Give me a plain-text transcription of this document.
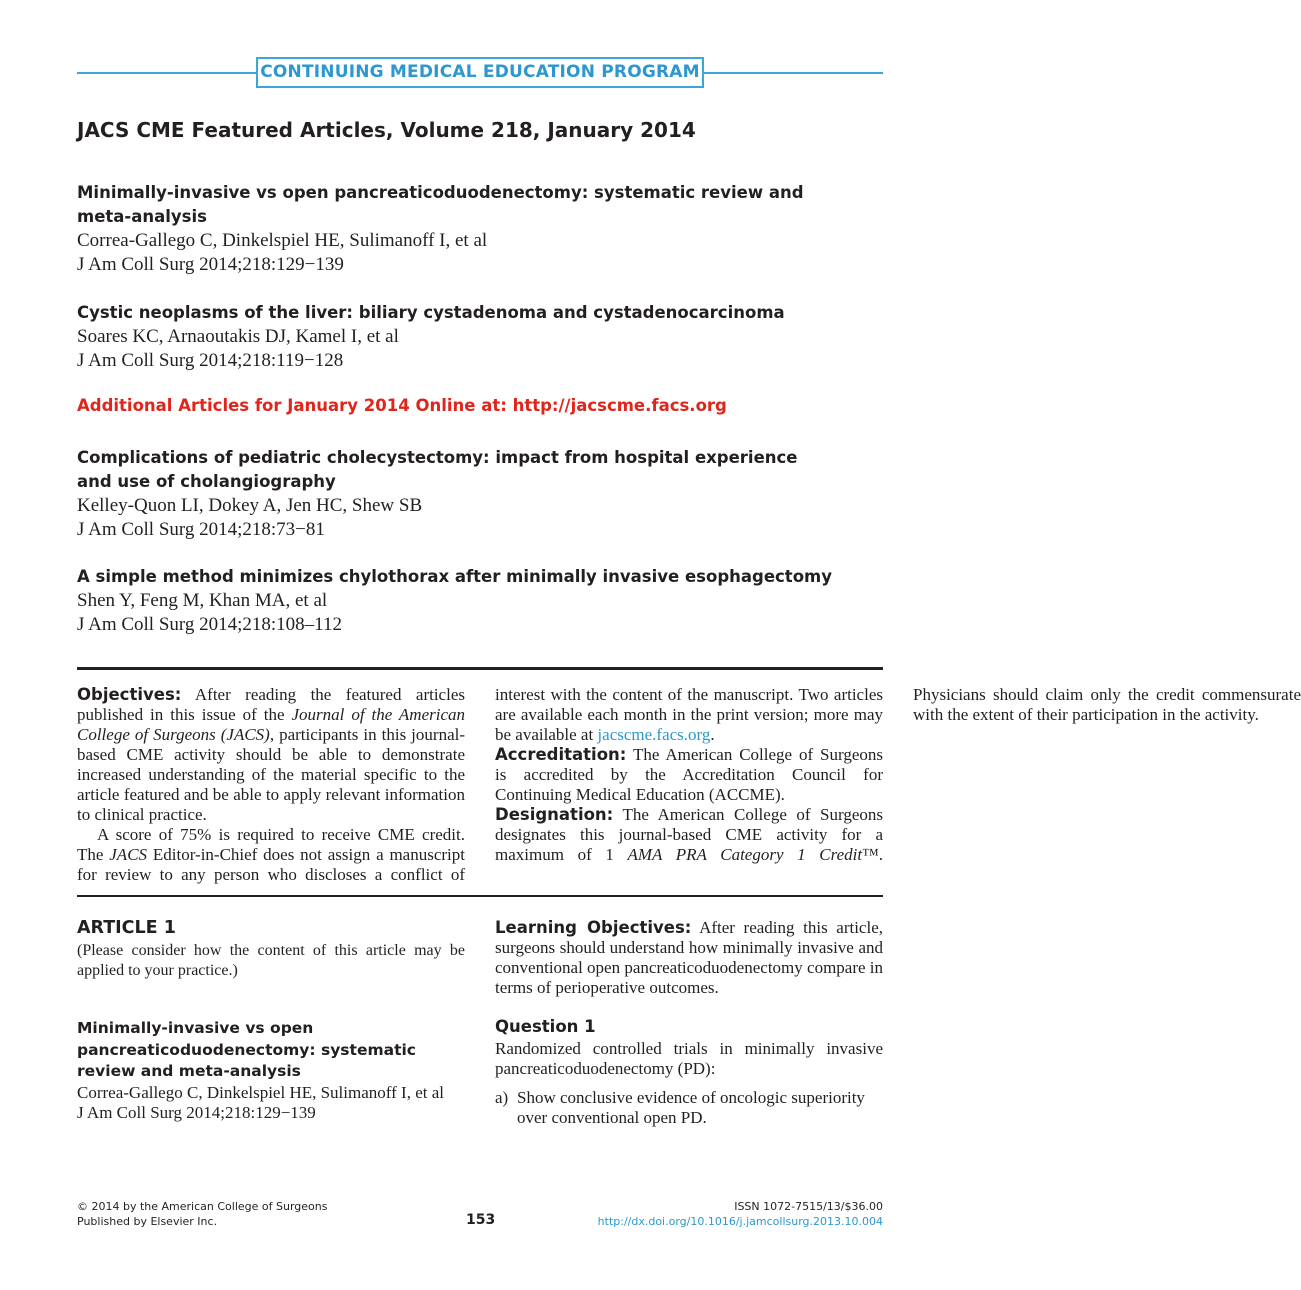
CONTINUING MEDICAL EDUCATION PROGRAM
JACS CME Featured Articles, Volume 218, January 2014
Minimally-invasive vs open pancreaticoduodenectomy: systematic review and meta-analysis
Correa-Gallego C, Dinkelspiel HE, Sulimanoff I, et al
J Am Coll Surg 2014;218:129−139
Cystic neoplasms of the liver: biliary cystadenoma and cystadenocarcinoma
Soares KC, Arnaoutakis DJ, Kamel I, et al
J Am Coll Surg 2014;218:119−128
Additional Articles for January 2014 Online at: http://jacscme.facs.org
Complications of pediatric cholecystectomy: impact from hospital experience and use of cholangiography
Kelley-Quon LI, Dokey A, Jen HC, Shew SB
J Am Coll Surg 2014;218:73−81
A simple method minimizes chylothorax after minimally invasive esophagectomy
Shen Y, Feng M, Khan MA, et al
J Am Coll Surg 2014;218:108–112

Objectives: After reading the featured articles published in this issue of the Journal of the American College of Surgeons (JACS), participants in this journal-based CME activity should be able to demonstrate increased understanding of the material specific to the article featured and be able to apply relevant information to clinical practice.

A score of 75% is required to receive CME credit. The JACS Editor-in-Chief does not assign a manuscript for review to any person who discloses a conflict of interest with the content of the manuscript. Two articles are available each month in the print version; more may be available at jacscme.facs.org.

Accreditation: The American College of Surgeons is accredited by the Accreditation Council for Continuing Medical Education (ACCME).

Designation: The American College of Surgeons designates this journal-based CME activity for a maximum of 1 AMA PRA Category 1 Credit™. Physicians should claim only the credit commensurate with the extent of their participation in the activity.

ARTICLE 1
(Please consider how the content of this article may be applied to your practice.)
Minimally-invasive vs open pancreaticoduodenectomy: systematic review and meta-analysis
Correa-Gallego C, Dinkelspiel HE, Sulimanoff I, et al
J Am Coll Surg 2014;218:129−139

Learning Objectives: After reading this article, surgeons should understand how minimally invasive and conventional open pancreaticoduodenectomy compare in terms of perioperative outcomes.

Question 1
Randomized controlled trials in minimally invasive pancreaticoduodenectomy (PD):
a) Show conclusive evidence of oncologic superiority over conventional open PD.
© 2014 by the American College of Surgeons
Published by Elsevier Inc.	153
ISSN 1072-7515/13/$36.00
http://dx.doi.org/10.1016/j.jamcollsurg.2013.10.004
